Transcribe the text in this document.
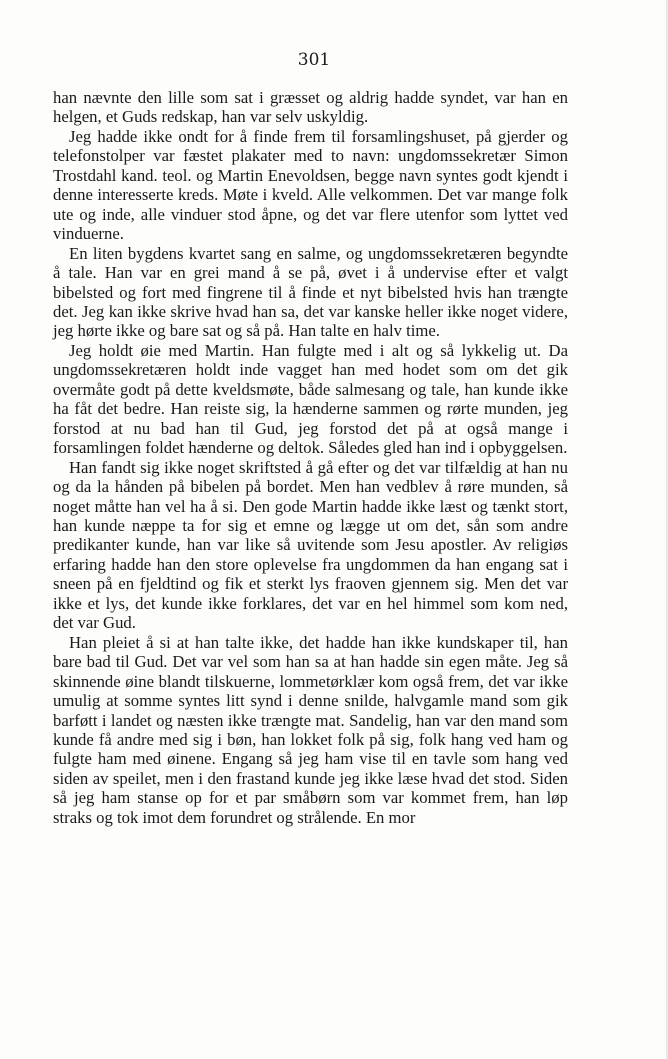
301

han nævnte den lille som sat i græsset og aldrig hadde syndet, var han en helgen, et Guds redskap, han var selv uskyldig.

Jeg hadde ikke ondt for å finde frem til forsamlingshuset, på gjerder og telefonstolper var fæstet plakater med to navn: ungdomssekretær Simon Trostdahl kand. teol. og Martin Enevoldsen, begge navn syntes godt kjendt i denne interesserte kreds. Møte i kveld. Alle velkommen. Det var mange folk ute og inde, alle vinduer stod åpne, og det var flere utenfor som lyttet ved vinduerne.

En liten bygdens kvartet sang en salme, og ungdomssekretæren begyndte å tale. Han var en grei mand å se på, øvet i å undervise efter et valgt bibelsted og fort med fingrene til å finde et nyt bibelsted hvis han trængte det. Jeg kan ikke skrive hvad han sa, det var kanske heller ikke noget videre, jeg hørte ikke og bare sat og så på. Han talte en halv time.

Jeg holdt øie med Martin. Han fulgte med i alt og så lykkelig ut. Da ungdomssekretæren holdt inde vagget han med hodet som om det gik overmåte godt på dette kveldsmøte, både salmesang og tale, han kunde ikke ha fåt det bedre. Han reiste sig, la hænderne sammen og rørte munden, jeg forstod at nu bad han til Gud, jeg forstod det på at også mange i forsamlingen foldet hænderne og deltok. Således gled han ind i opbyggelsen.

Han fandt sig ikke noget skriftsted å gå efter og det var tilfældig at han nu og da la hånden på bibelen på bordet. Men han vedblev å røre munden, så noget måtte han vel ha å si. Den gode Martin hadde ikke læst og tænkt stort, han kunde næppe ta for sig et emne og lægge ut om det, sån som andre predikanter kunde, han var like så uvitende som Jesu apostler. Av religiøs erfaring hadde han den store oplevelse fra ungdommen da han engang sat i sneen på en fjeldtind og fik et sterkt lys fraoven gjennem sig. Men det var ikke et lys, det kunde ikke forklares, det var en hel himmel som kom ned, det var Gud.

Han pleiet å si at han talte ikke, det hadde han ikke kundskaper til, han bare bad til Gud. Det var vel som han sa at han hadde sin egen måte. Jeg så skinnende øine blandt tilskuerne, lommetørklær kom også frem, det var ikke umulig at somme syntes litt synd i denne snilde, halvgamle mand som gik barføtt i landet og næsten ikke trængte mat. Sandelig, han var den mand som kunde få andre med sig i bøn, han lokket folk på sig, folk hang ved ham og fulgte ham med øinene. Engang så jeg ham vise til en tavle som hang ved siden av speilet, men i den frastand kunde jeg ikke læse hvad det stod. Siden så jeg ham stanse op for et par småbørn som var kommet frem, han løp straks og tok imot dem forundret og strålende. En mor
